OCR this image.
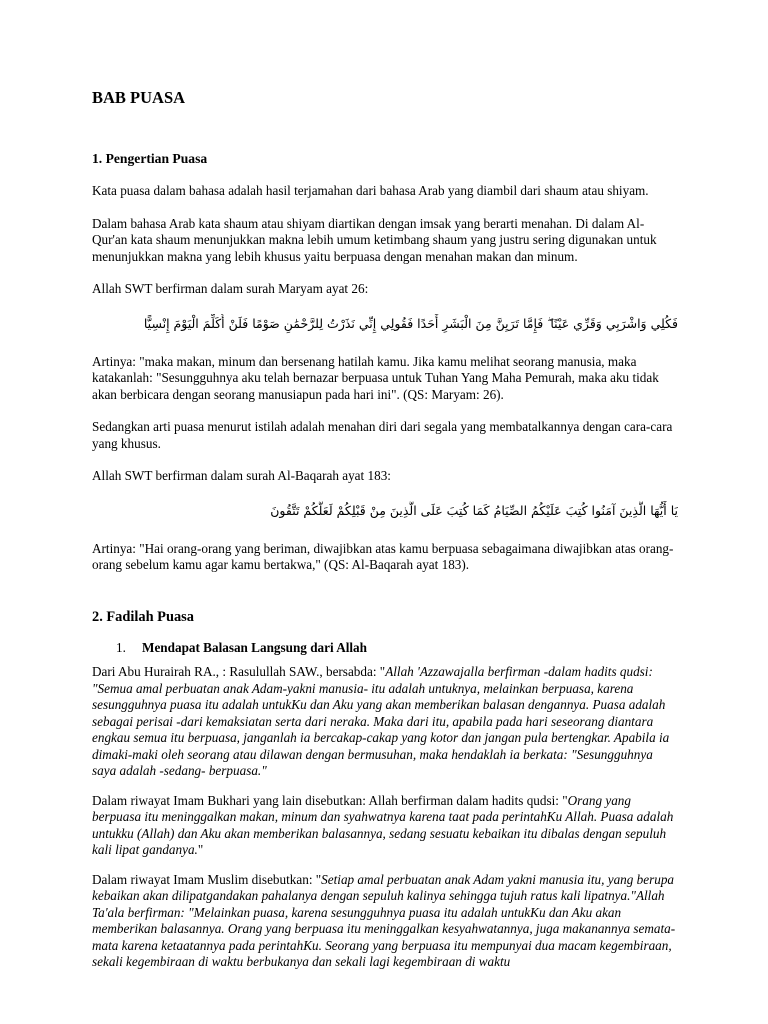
BAB PUASA
1. Pengertian Puasa

Kata puasa dalam bahasa adalah hasil terjamahan dari bahasa Arab yang diambil dari shaum atau shiyam.

Dalam bahasa Arab kata shaum atau shiyam diartikan dengan imsak yang berarti menahan. Di dalam Al-Qur'an kata shaum menunjukkan makna lebih umum ketimbang shaum yang justru sering digunakan untuk menunjukkan makna yang lebih khusus yaitu berpuasa dengan menahan makan dan minum.

Allah SWT berfirman dalam surah Maryam ayat 26:

فَكُلِي وَاشْرَبِي وَقَرِّي عَيْنًا ۖ فَإِمَّا تَرَيِنَّ مِنَ الْبَشَرِ أَحَدًا فَقُولِي إِنِّي نَذَرْتُ لِلرَّحْمَٰنِ صَوْمًا فَلَنْ أُكَلِّمَ الْيَوْمَ إِنْسِيًّا

Artinya: "maka makan, minum dan bersenang hatilah kamu. Jika kamu melihat seorang manusia, maka katakanlah: "Sesungguhnya aku telah bernazar berpuasa untuk Tuhan Yang Maha Pemurah, maka aku tidak akan berbicara dengan seorang manusiapun pada hari ini". (QS: Maryam: 26).

Sedangkan arti puasa menurut istilah adalah menahan diri dari segala yang membatalkannya dengan cara-cara yang khusus.

Allah SWT berfirman dalam surah Al-Baqarah ayat 183:

يَا أَيُّهَا الَّذِينَ آمَنُوا كُتِبَ عَلَيْكُمُ الصِّيَامُ كَمَا كُتِبَ عَلَى الَّذِينَ مِنْ قَبْلِكُمْ لَعَلَّكُمْ تَتَّقُونَ

Artinya: "Hai orang-orang yang beriman, diwajibkan atas kamu berpuasa sebagaimana diwajibkan atas orang-orang sebelum kamu agar kamu bertakwa," (QS: Al-Baqarah ayat 183).

2. Fadilah Puasa
1.	Mendapat Balasan Langsung dari Allah

Dari Abu Hurairah RA., : Rasulullah SAW., bersabda: "Allah 'Azzawajalla berfirman -dalam hadits qudsi: "Semua amal perbuatan anak Adam-yakni manusia- itu adalah untuknya, melainkan berpuasa, karena sesungguhnya puasa itu adalah untukKu dan Aku yang akan memberikan balasan dengannya. Puasa adalah sebagai perisai -dari kemaksiatan serta dari neraka. Maka dari itu, apabila pada hari seseorang diantara engkau semua itu berpuasa, janganlah ia bercakap-cakap yang kotor dan jangan pula bertengkar. Apabila ia dimaki-maki oleh seorang atau dilawan dengan bermusuhan, maka hendaklah ia berkata: "Sesungguhnya saya adalah -sedang- berpuasa."

Dalam riwayat Imam Bukhari yang lain disebutkan: Allah berfirman dalam hadits qudsi: "Orang yang berpuasa itu meninggalkan makan, minum dan syahwatnya karena taat pada perintahKu Allah. Puasa adalah untukku (Allah) dan Aku akan memberikan balasannya, sedang sesuatu kebaikan itu dibalas dengan sepuluh kali lipat gandanya."

Dalam riwayat Imam Muslim disebutkan: "Setiap amal perbuatan anak Adam yakni manusia itu, yang berupa kebaikan akan dilipatgandakan pahalanya dengan sepuluh kalinya sehingga tujuh ratus kali lipatnya."Allah Ta'ala berfirman: "Melainkan puasa, karena sesungguhnya puasa itu adalah untukKu dan Aku akan memberikan balasannya. Orang yang berpuasa itu meninggalkan kesyahwatannya, juga makanannya semata-mata karena ketaatannya pada perintahKu. Seorang yang berpuasa itu mempunyai dua macam kegembiraan, sekali kegembiraan di waktu berbukanya dan sekali lagi kegembiraan di waktu
